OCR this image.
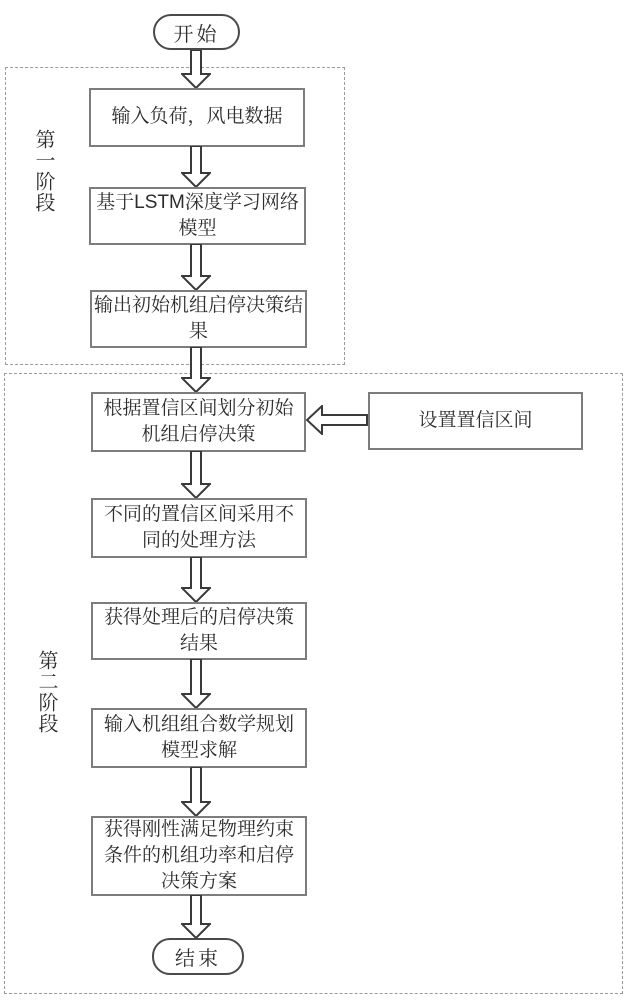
第一阶段
第二阶段
开始
输入负荷，风电数据
基于LSTM深度学习网络模型
输出初始机组启停决策结果
根据置信区间划分初始机组启停决策
设置置信区间
不同的置信区间采用不同的处理方法
获得处理后的启停决策结果
输入机组组合数学规划模型求解
获得刚性满足物理约束条件的机组功率和启停决策方案
结束
